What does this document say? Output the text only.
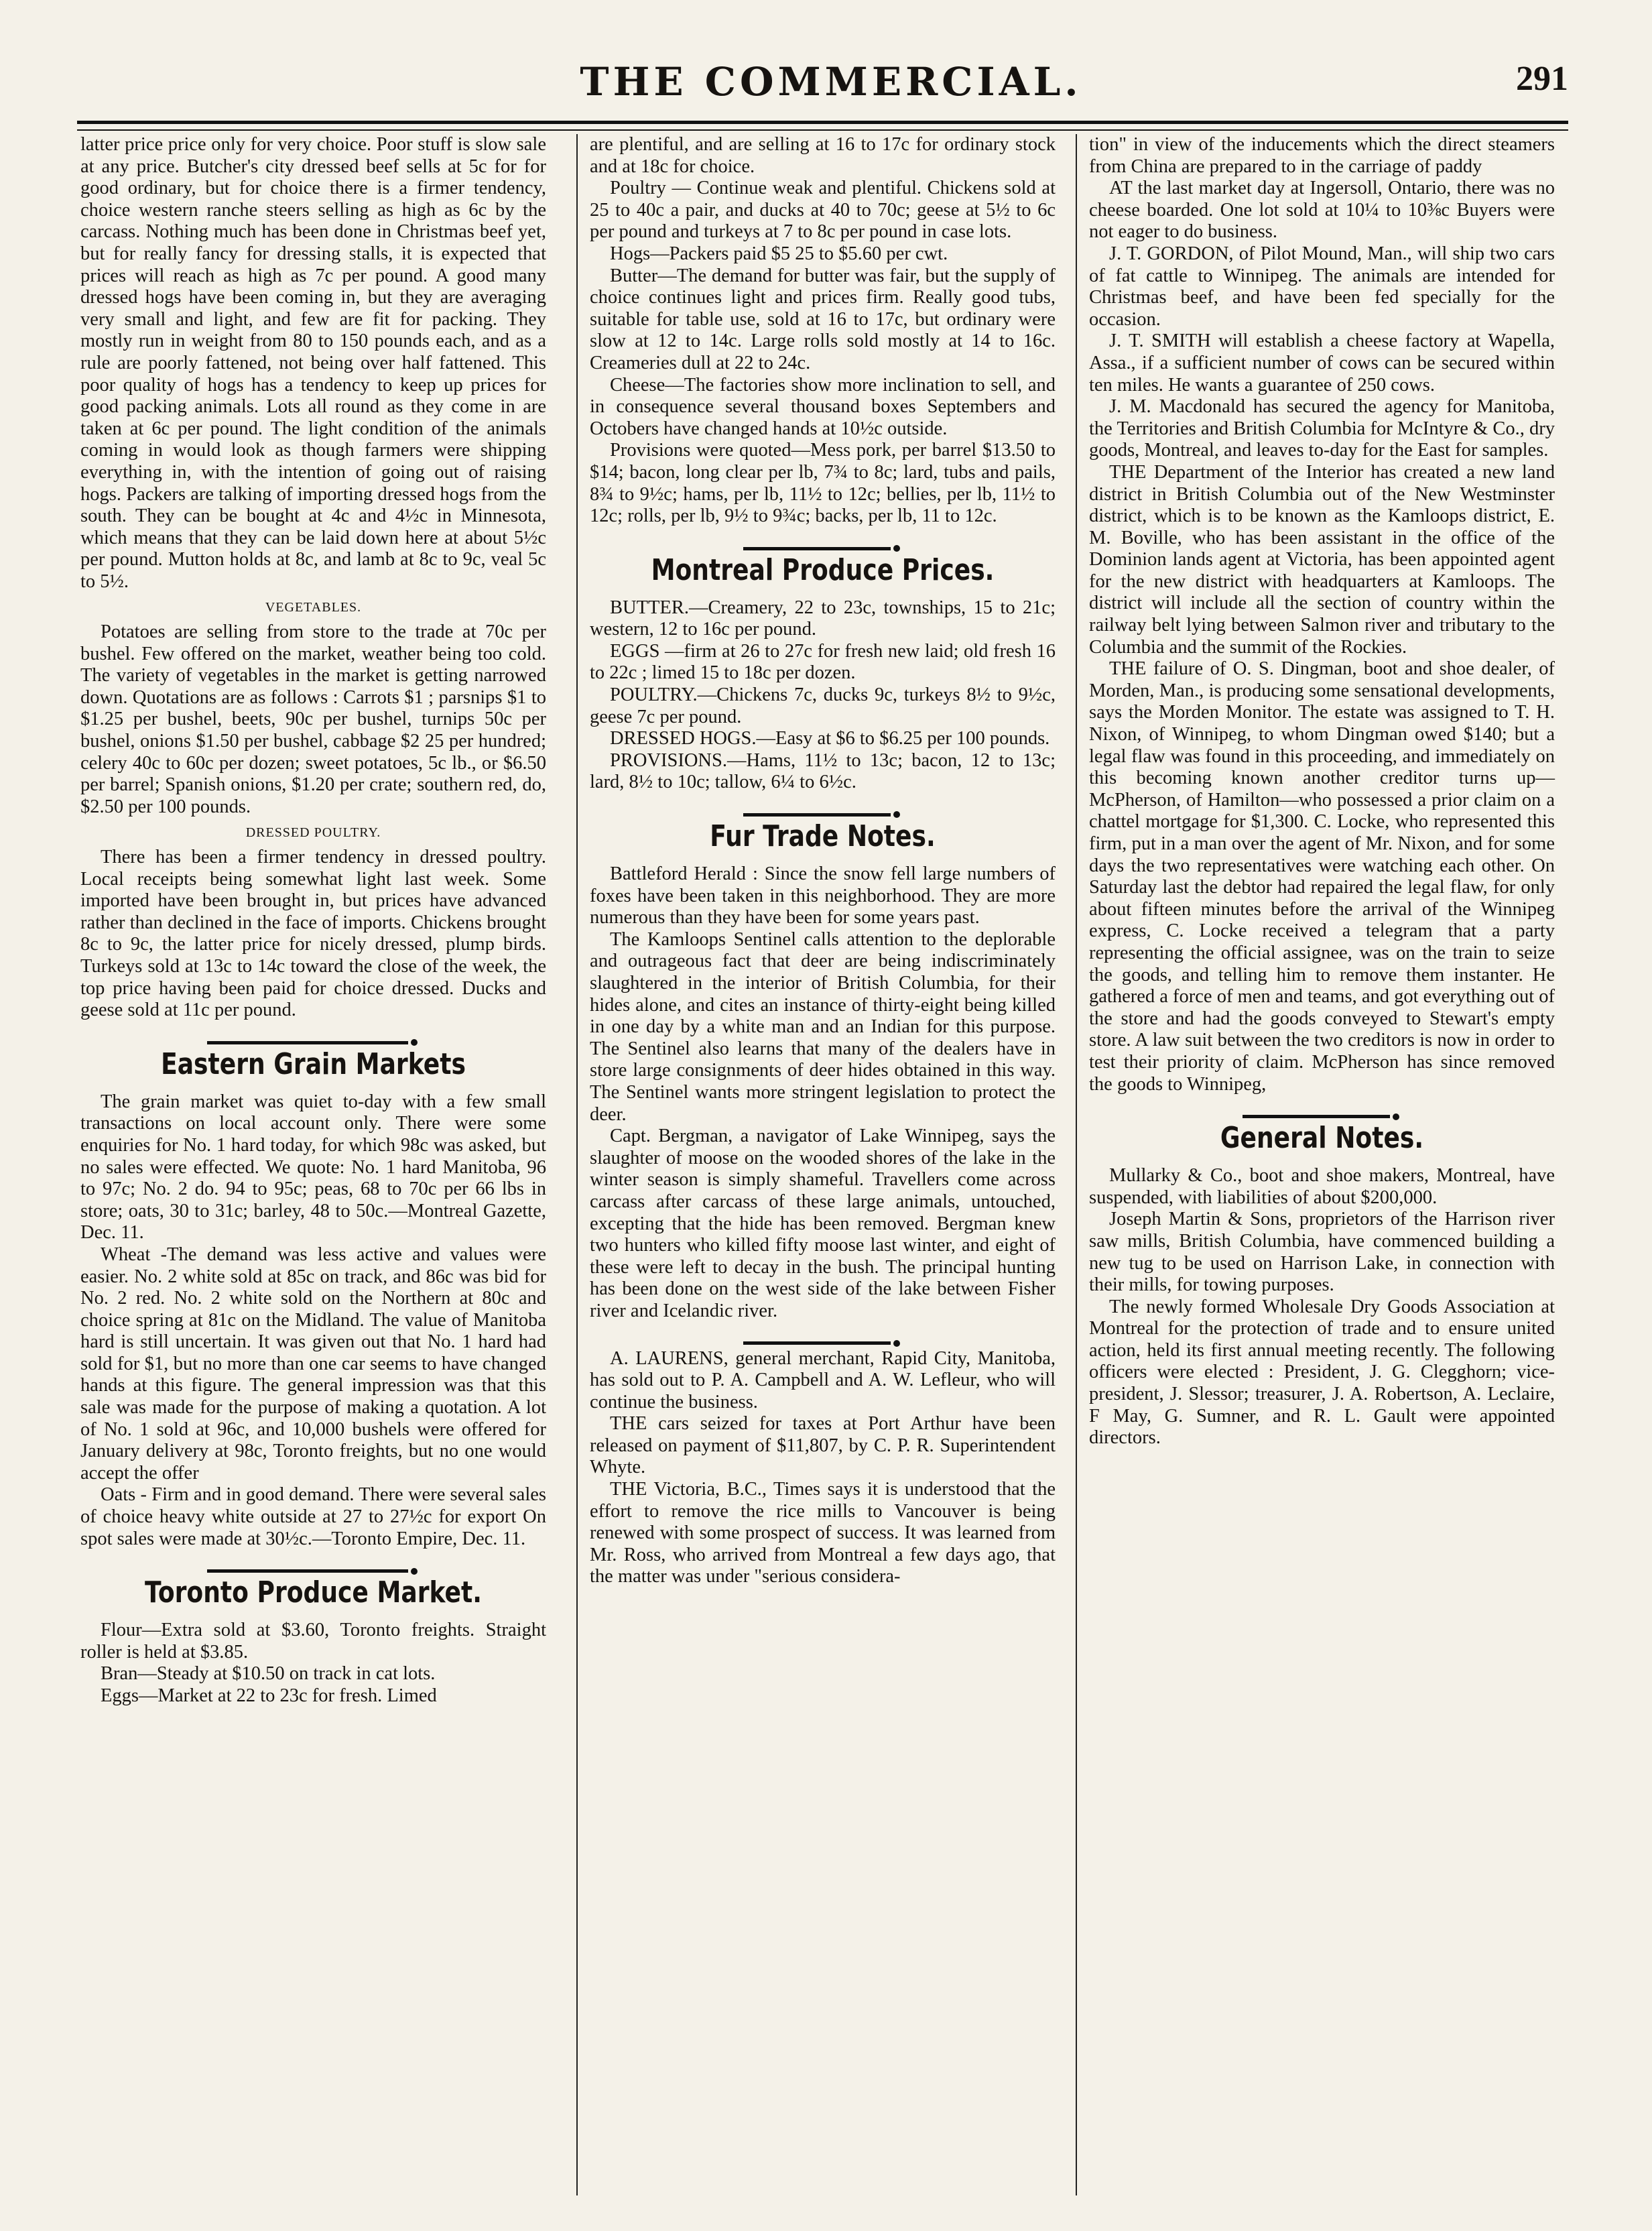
THE COMMERCIAL.	291

latter price price only for very choice. Poor stuff is slow sale at any price. Butcher's city dressed beef sells at 5c for for good ordinary, but for choice there is a firmer tendency, choice western ranche steers selling as high as 6c by the carcass. Nothing much has been done in Christmas beef yet, but for really fancy for dressing stalls, it is expected that prices will reach as high as 7c per pound. A good many dressed hogs have been coming in, but they are averaging very small and light, and few are fit for packing. They mostly run in weight from 80 to 150 pounds each, and as a rule are poorly fattened, not being over half fattened. This poor quality of hogs has a tendency to keep up prices for good packing animals. Lots all round as they come in are taken at 6c per pound. The light condition of the animals coming in would look as though farmers were shipping everything in, with the intention of going out of raising hogs. Packers are talking of importing dressed hogs from the south. They can be bought at 4c and 4½c in Minnesota, which means that they can be laid down here at about 5½c per pound. Mutton holds at 8c, and lamb at 8c to 9c, veal 5c to 5½.

VEGETABLES.

Potatoes are selling from store to the trade at 70c per bushel. Few offered on the market, weather being too cold. The variety of vegetables in the market is getting narrowed down. Quotations are as follows : Carrots $1 ; parsnips $1 to $1.25 per bushel, beets, 90c per bushel, turnips 50c per bushel, onions $1.50 per bushel, cabbage $2 25 per hundred; celery 40c to 60c per dozen; sweet potatoes, 5c lb., or $6.50 per barrel; Spanish onions, $1.20 per crate; southern red, do, $2.50 per 100 pounds.

DRESSED POULTRY.

There has been a firmer tendency in dressed poultry. Local receipts being somewhat light last week. Some imported have been brought in, but prices have advanced rather than declined in the face of imports. Chickens brought 8c to 9c, the latter price for nicely dressed, plump birds. Turkeys sold at 13c to 14c toward the close of the week, the top price having been paid for choice dressed. Ducks and geese sold at 11c per pound.

Eastern Grain Markets

The grain market was quiet to-day with a few small transactions on local account only. There were some enquiries for No. 1 hard today, for which 98c was asked, but no sales were effected. We quote: No. 1 hard Manitoba, 96 to 97c; No. 2 do. 94 to 95c; peas, 68 to 70c per 66 lbs in store; oats, 30 to 31c; barley, 48 to 50c.—Montreal Gazette, Dec. 11.

Wheat -The demand was less active and values were easier. No. 2 white sold at 85c on track, and 86c was bid for No. 2 red. No. 2 white sold on the Northern at 80c and choice spring at 81c on the Midland. The value of Manitoba hard is still uncertain. It was given out that No. 1 hard had sold for $1, but no more than one car seems to have changed hands at this figure. The general impression was that this sale was made for the purpose of making a quotation. A lot of No. 1 sold at 96c, and 10,000 bushels were offered for January delivery at 98c, Toronto freights, but no one would accept the offer

Oats - Firm and in good demand. There were several sales of choice heavy white outside at 27 to 27½c for export On spot sales were made at 30½c.—Toronto Empire, Dec. 11.

Toronto Produce Market.

Flour—Extra sold at $3.60, Toronto freights. Straight roller is held at $3.85.

Bran—Steady at $10.50 on track in cat lots.

Eggs—Market at 22 to 23c for fresh. Limed

are plentiful, and are selling at 16 to 17c for ordinary stock and at 18c for choice.

Poultry — Continue weak and plentiful. Chickens sold at 25 to 40c a pair, and ducks at 40 to 70c; geese at 5½ to 6c per pound and turkeys at 7 to 8c per pound in case lots.

Hogs—Packers paid $5 25 to $5.60 per cwt.

Butter—The demand for butter was fair, but the supply of choice continues light and prices firm. Really good tubs, suitable for table use, sold at 16 to 17c, but ordinary were slow at 12 to 14c. Large rolls sold mostly at 14 to 16c. Creameries dull at 22 to 24c.

Cheese—The factories show more inclination to sell, and in consequence several thousand boxes Septembers and Octobers have changed hands at 10½c outside.

Provisions were quoted—Mess pork, per barrel $13.50 to $14; bacon, long clear per lb, 7¾ to 8c; lard, tubs and pails, 8¾ to 9½c; hams, per lb, 11½ to 12c; bellies, per lb, 11½ to 12c; rolls, per lb, 9½ to 9¾c; backs, per lb, 11 to 12c.

Montreal Produce Prices.

BUTTER.—Creamery, 22 to 23c, townships, 15 to 21c; western, 12 to 16c per pound.

EGGS —firm at 26 to 27c for fresh new laid; old fresh 16 to 22c ; limed 15 to 18c per dozen.

POULTRY.—Chickens 7c, ducks 9c, turkeys 8½ to 9½c, geese 7c per pound.

DRESSED HOGS.—Easy at $6 to $6.25 per 100 pounds.

PROVISIONS.—Hams, 11½ to 13c; bacon, 12 to 13c; lard, 8½ to 10c; tallow, 6¼ to 6½c.

Fur Trade Notes.

Battleford Herald : Since the snow fell large numbers of foxes have been taken in this neighborhood. They are more numerous than they have been for some years past.

The Kamloops Sentinel calls attention to the deplorable and outrageous fact that deer are being indiscriminately slaughtered in the interior of British Columbia, for their hides alone, and cites an instance of thirty-eight being killed in one day by a white man and an Indian for this purpose. The Sentinel also learns that many of the dealers have in store large consignments of deer hides obtained in this way. The Sentinel wants more stringent legislation to protect the deer.

Capt. Bergman, a navigator of Lake Winnipeg, says the slaughter of moose on the wooded shores of the lake in the winter season is simply shameful. Travellers come across carcass after carcass of these large animals, untouched, excepting that the hide has been removed. Bergman knew two hunters who killed fifty moose last winter, and eight of these were left to decay in the bush. The principal hunting has been done on the west side of the lake between Fisher river and Icelandic river.

A. LAURENS, general merchant, Rapid City, Manitoba, has sold out to P. A. Campbell and A. W. Lefleur, who will continue the business.

THE cars seized for taxes at Port Arthur have been released on payment of $11,807, by C. P. R. Superintendent Whyte.

THE Victoria, B.C., Times says it is understood that the effort to remove the rice mills to Vancouver is being renewed with some prospect of success. It was learned from Mr. Ross, who arrived from Montreal a few days ago, that the matter was under "serious considera-

tion" in view of the inducements which the direct steamers from China are prepared to in the carriage of paddy

AT the last market day at Ingersoll, Ontario, there was no cheese boarded. One lot sold at 10¼ to 10⅜c Buyers were not eager to do business.

J. T. GORDON, of Pilot Mound, Man., will ship two cars of fat cattle to Winnipeg. The animals are intended for Christmas beef, and have been fed specially for the occasion.

J. T. SMITH will establish a cheese factory at Wapella, Assa., if a sufficient number of cows can be secured within ten miles. He wants a guarantee of 250 cows.

J. M. Macdonald has secured the agency for Manitoba, the Territories and British Columbia for McIntyre & Co., dry goods, Montreal, and leaves to-day for the East for samples.

THE Department of the Interior has created a new land district in British Columbia out of the New Westminster district, which is to be known as the Kamloops district, E. M. Boville, who has been assistant in the office of the Dominion lands agent at Victoria, has been appointed agent for the new district with headquarters at Kamloops. The district will include all the section of country within the railway belt lying between Salmon river and tributary to the Columbia and the summit of the Rockies.

THE failure of O. S. Dingman, boot and shoe dealer, of Morden, Man., is producing some sensational developments, says the Morden Monitor. The estate was assigned to T. H. Nixon, of Winnipeg, to whom Dingman owed $140; but a legal flaw was found in this proceeding, and immediately on this becoming known another creditor turns up—McPherson, of Hamilton—who possessed a prior claim on a chattel mortgage for $1,300. C. Locke, who represented this firm, put in a man over the agent of Mr. Nixon, and for some days the two representatives were watching each other. On Saturday last the debtor had repaired the legal flaw, for only about fifteen minutes before the arrival of the Winnipeg express, C. Locke received a telegram that a party representing the official assignee, was on the train to seize the goods, and telling him to remove them instanter. He gathered a force of men and teams, and got everything out of the store and had the goods conveyed to Stewart's empty store. A law suit between the two creditors is now in order to test their priority of claim. McPherson has since removed the goods to Winnipeg,

General Notes.

Mullarky & Co., boot and shoe makers, Montreal, have suspended, with liabilities of about $200,000.

Joseph Martin & Sons, proprietors of the Harrison river saw mills, British Columbia, have commenced building a new tug to be used on Harrison Lake, in connection with their mills, for towing purposes.

The newly formed Wholesale Dry Goods Association at Montreal for the protection of trade and to ensure united action, held its first annual meeting recently. The following officers were elected : President, J. G. Clegghorn; vice-president, J. Slessor; treasurer, J. A. Robertson, A. Leclaire, F May, G. Sumner, and R. L. Gault were appointed directors.
